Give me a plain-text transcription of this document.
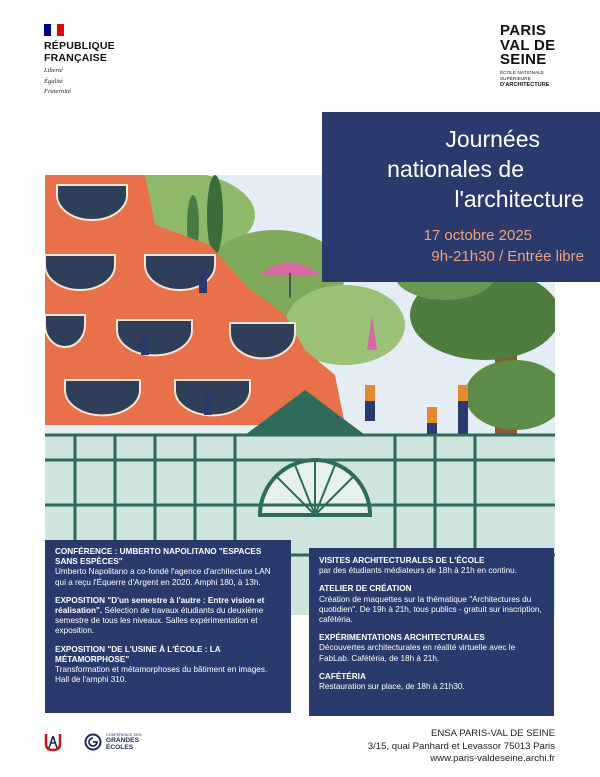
RÉPUBLIQUE
FRANÇAISE
Liberté
Égalité
Fraternité
PARIS
VAL DE
SEINE
ÉCOLE NATIONALE SUPÉRIEURE
D'ARCHITECTURE
Journées
nationales de
l'architecture
17 octobre 2025
9h-21h30 / Entrée libre
CONFÉRENCE : UMBERTO NAPOLITANO "ESPACES SANS ESPÈCES"
Umberto Napolitano a co-fondé l'agence d'architecture LAN qui a reçu l'Équerre d'Argent en 2020. Amphi 180, à 13h.
EXPOSITION "D'un semestre à l'autre : Entre vision et réalisation". Sélection de travaux étudiants du deuxième semestre de tous les niveaux. Salles expérimentation et exposition.
EXPOSITION "DE L'USINE À L'ÉCOLE : LA MÉTAMORPHOSE"
Transformation et métamorphoses du bâtiment en images. Hall de l'amphi 310.
VISITES ARCHITECTURALES DE L'ÉCOLE
par des étudiants médiateurs de 18h à 21h en continu.
ATELIER DE CRÉATION
Création de maquettes sur la thématique "Architectures du quotidien". De 19h à 21h, tous publics - gratuit sur inscription, cafétéria.
EXPÉRIMENTATIONS ARCHITECTURALES
Découvertes architecturales en réalité virtuelle avec le FabLab. Cafétéria, de 18h à 21h.
CAFÉTÉRIA
Restauration sur place, de 18h à 21h30.
CONFÉRENCE DES
GRANDES
ÉCOLES
ENSA PARIS-VAL DE SEINE
3/15, quai Panhard et Levassor 75013 Paris
www.paris-valdeseine.archi.fr
